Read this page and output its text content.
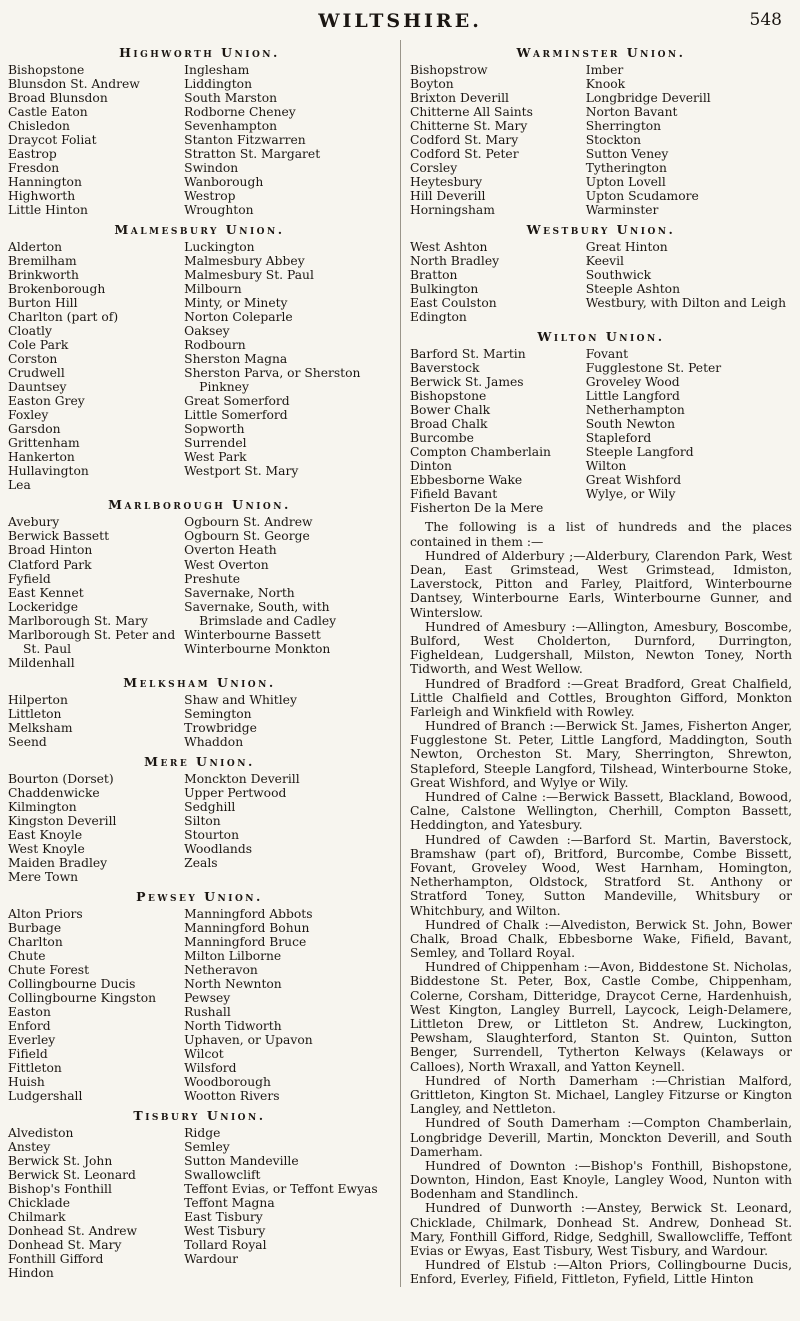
WILTSHIRE.	548
Highworth Union.
Bishopstone
Blunsdon St. Andrew
Broad Blunsdon
Castle Eaton
Chisledon
Draycot Foliat
Eastrop
Fresdon
Hannington
Highworth
Little Hinton
Inglesham
Liddington
South Marston
Rodborne Cheney
Sevenhampton
Stanton Fitzwarren
Stratton St. Margaret
Swindon
Wanborough
Westrop
Wroughton
Malmesbury Union.
Alderton
Bremilham
Brinkworth
Brokenborough
Burton Hill
Charlton (part of)
Cloatly
Cole Park
Corston
Crudwell
Dauntsey
Easton Grey
Foxley
Garsdon
Grittenham
Hankerton
Hullavington
Lea
Luckington
Malmesbury Abbey
Malmesbury St. Paul
Milbourn
Minty, or Minety
Norton Coleparle
Oaksey
Rodbourn
Sherston Magna
Sherston Parva, or Sherston Pinkney
Great Somerford
Little Somerford
Sopworth
Surrendel
West Park
Westport St. Mary
Marlborough Union.
Avebury
Berwick Bassett
Broad Hinton
Clatford Park
Fyfield
East Kennet
Lockeridge
Marlborough St. Mary
Marlborough St. Peter and St. Paul
Mildenhall
Ogbourn St. Andrew
Ogbourn St. George
Overton Heath
West Overton
Preshute
Savernake, North
Savernake, South, with Brimslade and Cadley
Winterbourne Bassett
Winterbourne Monkton
Melksham Union.
Hilperton
Littleton
Melksham
Seend
Shaw and Whitley
Semington
Trowbridge
Whaddon
Mere Union.
Bourton (Dorset)
Chaddenwicke
Kilmington
Kingston Deverill
East Knoyle
West Knoyle
Maiden Bradley
Mere Town
Monckton Deverill
Upper Pertwood
Sedghill
Silton
Stourton
Woodlands
Zeals
Pewsey Union.
Alton Priors
Burbage
Charlton
Chute
Chute Forest
Collingbourne Ducis
Collingbourne Kingston
Easton
Enford
Everley
Fifield
Fittleton
Huish
Ludgershall
Manningford Abbots
Manningford Bohun
Manningford Bruce
Milton Lilborne
Netheravon
North Newnton
Pewsey
Rushall
North Tidworth
Uphaven, or Upavon
Wilcot
Wilsford
Woodborough
Wootton Rivers
Tisbury Union.
Alvediston
Anstey
Berwick St. John
Berwick St. Leonard
Bishop's Fonthill
Chicklade
Chilmark
Donhead St. Andrew
Donhead St. Mary
Fonthill Gifford
Hindon
Ridge
Semley
Sutton Mandeville
Swallowclift
Teffont Evias, or Teffont Ewyas
Teffont Magna
East Tisbury
West Tisbury
Tollard Royal
Wardour
Warminster Union.
Bishopstrow
Boyton
Brixton Deverill
Chitterne All Saints
Chitterne St. Mary
Codford St. Mary
Codford St. Peter
Corsley
Heytesbury
Hill Deverill
Horningsham
Imber
Knook
Longbridge Deverill
Norton Bavant
Sherrington
Stockton
Sutton Veney
Tytherington
Upton Lovell
Upton Scudamore
Warminster
Westbury Union.
West Ashton
North Bradley
Bratton
Bulkington
East Coulston
Edington
Great Hinton
Keevil
Southwick
Steeple Ashton
Westbury, with Dilton and Leigh
Wilton Union.
Barford St. Martin
Baverstock
Berwick St. James
Bishopstone
Bower Chalk
Broad Chalk
Burcombe
Compton Chamberlain
Dinton
Ebbesborne Wake
Fifield Bavant
Fisherton De la Mere
Fovant
Fugglestone St. Peter
Groveley Wood
Little Langford
Netherhampton
South Newton
Stapleford
Steeple Langford
Wilton
Great Wishford
Wylye, or Wily

The following is a list of hundreds and the places contained in them :—

Hundred of Alderbury ;—Alderbury, Clarendon Park, West Dean, East Grimstead, West Grimstead, Idmiston, Laverstock, Pitton and Farley, Plaitford, Winterbourne Dantsey, Winterbourne Earls, Winterbourne Gunner, and Winterslow.

Hundred of Amesbury :—Allington, Amesbury, Boscombe, Bulford, West Cholderton, Durnford, Durrington, Figheldean, Ludgershall, Milston, Newton Toney, North Tidworth, and West Wellow.

Hundred of Bradford :—Great Bradford, Great Chalfield, Little Chalfield and Cottles, Broughton Gifford, Monkton Farleigh and Winkfield with Rowley.

Hundred of Branch :—Berwick St. James, Fisherton Anger, Fugglestone St. Peter, Little Langford, Maddington, South Newton, Orcheston St. Mary, Sherrington, Shrewton, Stapleford, Steeple Langford, Tilshead, Winterbourne Stoke, Great Wishford, and Wylye or Wily.

Hundred of Calne :—Berwick Bassett, Blackland, Bowood, Calne, Calstone Wellington, Cherhill, Compton Bassett, Heddington, and Yatesbury.

Hundred of Cawden :—Barford St. Martin, Baverstock, Bramshaw (part of), Britford, Burcombe, Combe Bissett, Fovant, Groveley Wood, West Harnham, Homington, Netherhampton, Oldstock, Stratford St. Anthony or Stratford Toney, Sutton Mandeville, Whitsbury or Whitchbury, and Wilton.

Hundred of Chalk :—Alvediston, Berwick St. John, Bower Chalk, Broad Chalk, Ebbesborne Wake, Fifield, Bavant, Semley, and Tollard Royal.

Hundred of Chippenham :—Avon, Biddestone St. Nicholas, Biddestone St. Peter, Box, Castle Combe, Chippenham, Colerne, Corsham, Ditteridge, Draycot Cerne, Hardenhuish, West Kington, Langley Burrell, Laycock, Leigh-Delamere, Littleton Drew, or Littleton St. Andrew, Luckington, Pewsham, Slaughterford, Stanton St. Quinton, Sutton Benger, Surrendell, Tytherton Kelways (Kelaways or Calloes), North Wraxall, and Yatton Keynell.

Hundred of North Damerham :—Christian Malford, Grittleton, Kington St. Michael, Langley Fitzurse or Kington Langley, and Nettleton.

Hundred of South Damerham :—Compton Chamberlain, Longbridge Deverill, Martin, Monckton Deverill, and South Damerham.

Hundred of Downton :—Bishop's Fonthill, Bishopstone, Downton, Hindon, East Knoyle, Langley Wood, Nunton with Bodenham and Standlinch.

Hundred of Dunworth :—Anstey, Berwick St. Leonard, Chicklade, Chilmark, Donhead St. Andrew, Donhead St. Mary, Fonthill Gifford, Ridge, Sedghill, Swallowcliffe, Teffont Evias or Ewyas, East Tisbury, West Tisbury, and Wardour.

Hundred of Elstub :—Alton Priors, Collingbourne Ducis, Enford, Everley, Fifield, Fittleton, Fyfield, Little Hinton
